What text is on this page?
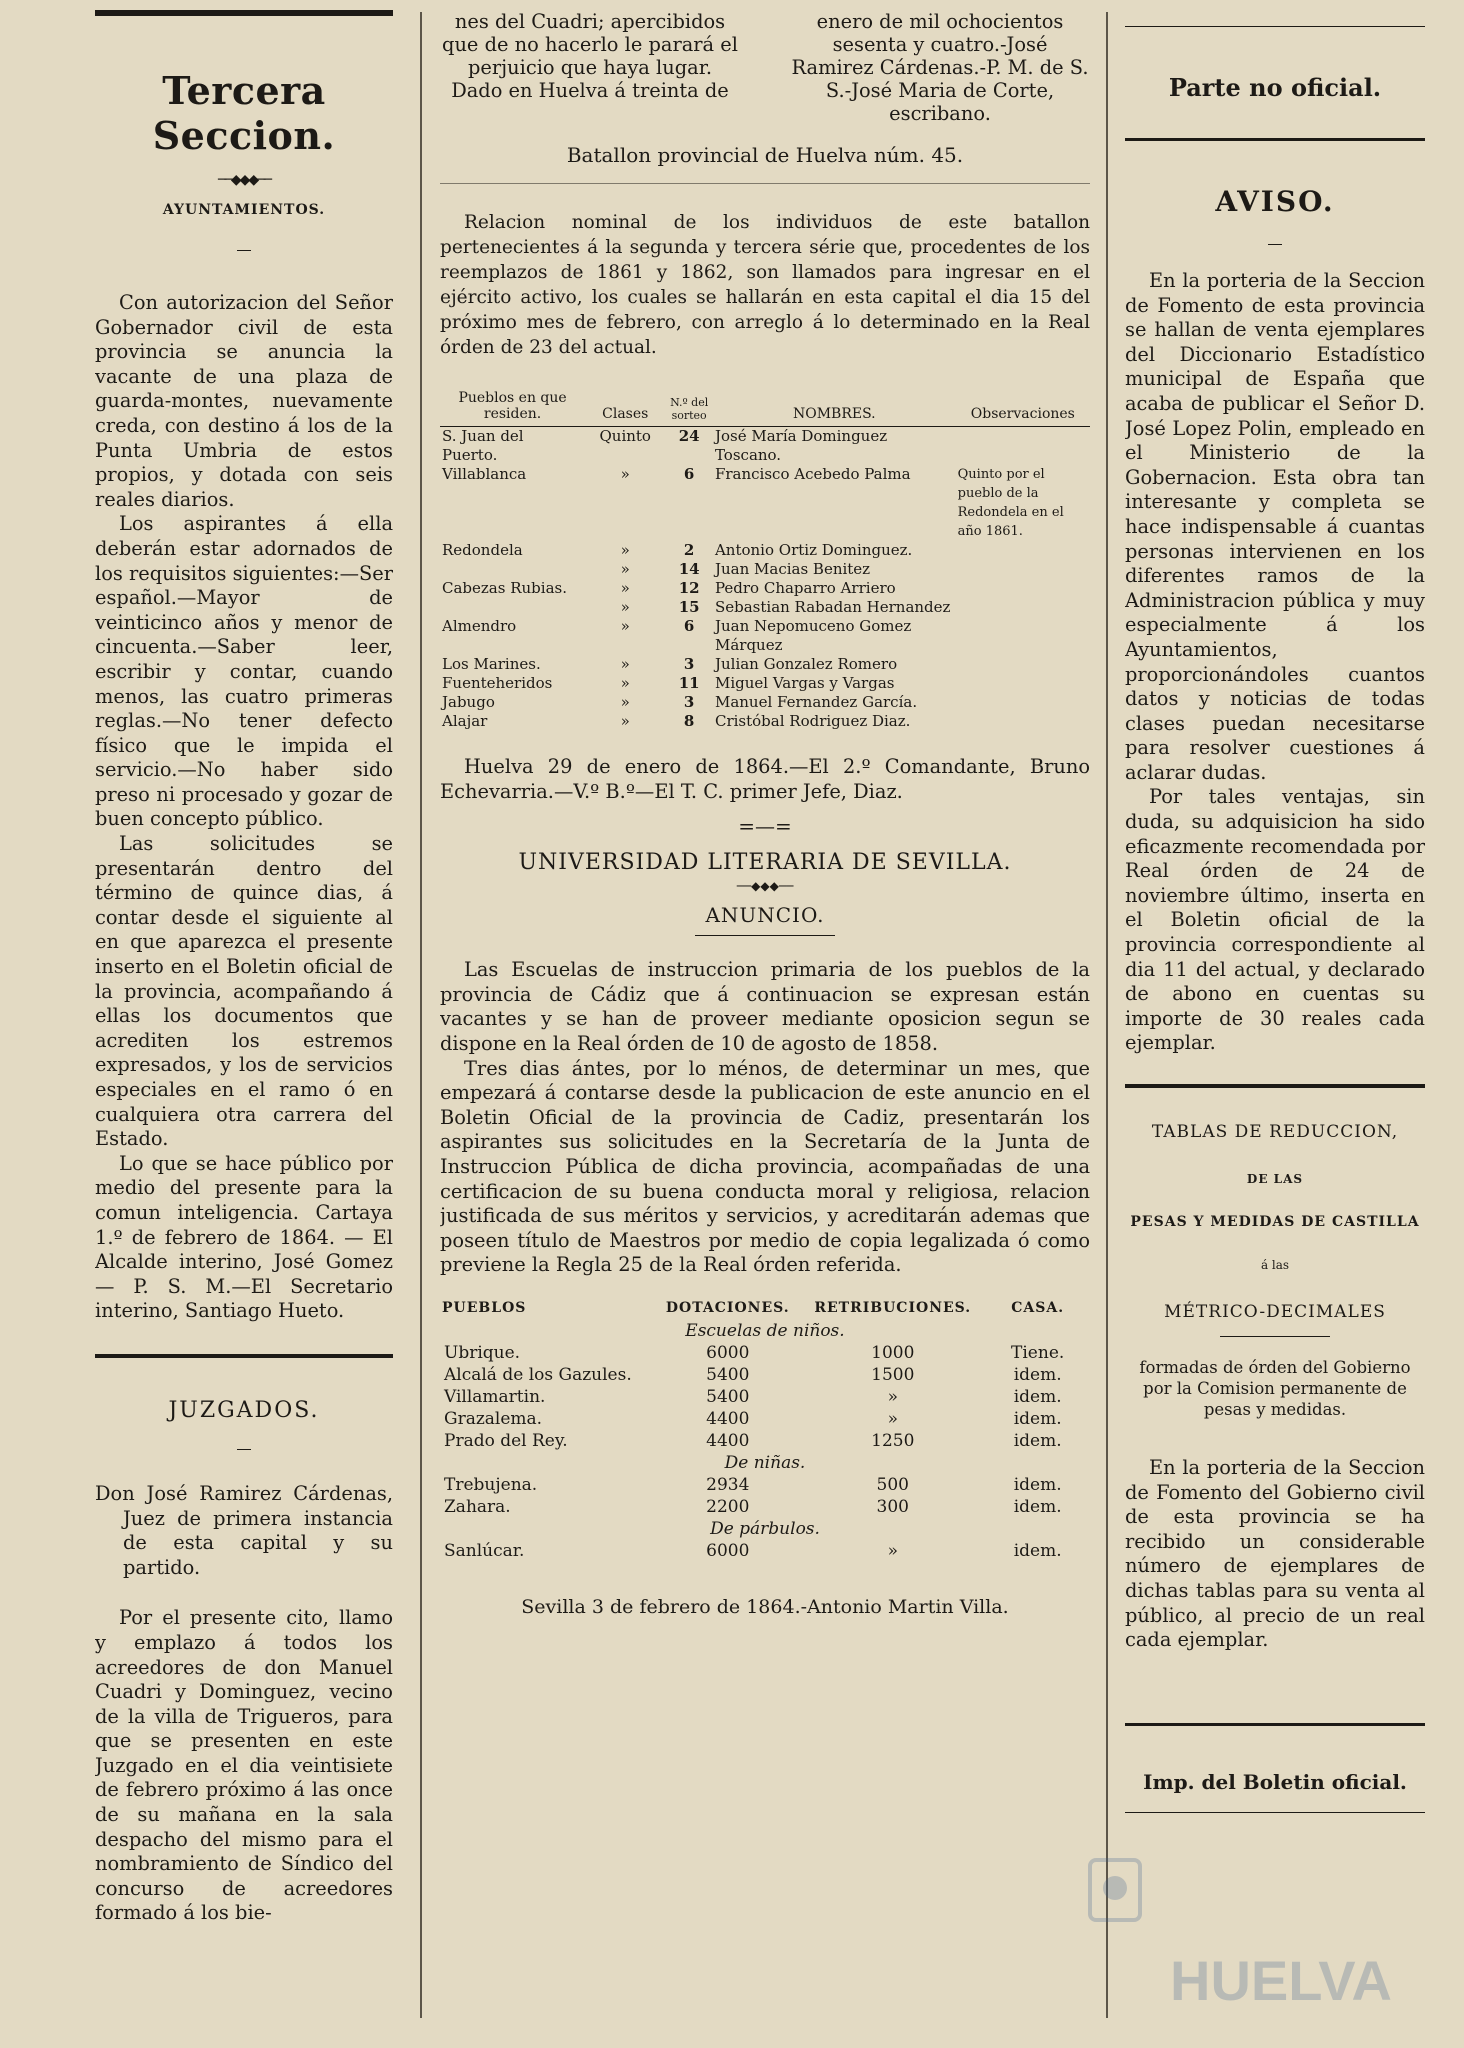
Tercera Seccion.
──◆◆◆──
AYUNTAMIENTOS.

Con autorizacion del Señor Gobernador civil de esta provincia se anuncia la vacante de una plaza de guarda-montes, nuevamente creda, con destino á los de la Punta Umbria de estos propios, y dotada con seis reales diarios.

Los aspirantes á ella deberán estar adornados de los requisitos siguientes:—Ser español.—Mayor de veinticinco años y menor de cincuenta.—Saber leer, escribir y contar, cuando menos, las cuatro primeras reglas.—No tener defecto físico que le impida el servicio.—No haber sido preso ni procesado y gozar de buen concepto público.

Las solicitudes se presentarán dentro del término de quince dias, á contar desde el siguiente al en que aparezca el presente inserto en el Boletin oficial de la provincia, acompañando á ellas los documentos que acrediten los estremos expresados, y los de servicios especiales en el ramo ó en cualquiera otra carrera del Estado.

Lo que se hace público por medio del presente para la comun inteligencia. Cartaya 1.º de febrero de 1864. — El Alcalde interino, José Gomez — P. S. M.—El Secretario interino, Santiago Hueto.

JUZGADOS.

Don José Ramirez Cárdenas, Juez de primera instancia de esta capital y su partido.

Por el presente cito, llamo y emplazo á todos los acreedores de don Manuel Cuadri y Dominguez, vecino de la villa de Trigueros, para que se presenten en este Juzgado en el dia veintisiete de febrero próximo á las once de su mañana en la sala despacho del mismo para el nombramiento de Síndico del concurso de acreedores formado á los bie-

nes del Cuadri; apercibidos que de no hacerlo le parará el perjuicio que haya lugar. Dado en Huelva á treinta de

enero de mil ochocientos sesenta y cuatro.-José Ramirez Cárdenas.-P. M. de S. S.-José Maria de Corte, escribano.

Batallon provincial de Huelva núm. 45.

Relacion nominal de los individuos de este batallon pertenecientes á la segunda y tercera série que, procedentes de los reemplazos de 1861 y 1862, son llamados para ingresar en el ejército activo, los cuales se hallarán en esta capital el dia 15 del próximo mes de febrero, con arreglo á lo determinado en la Real órden de 23 del actual.

Pueblos en que residen.	Clases	N.º del sorteo	NOMBRES.	Observaciones
S. Juan del Puerto.	Quinto	24	José María Dominguez Toscano.	
Villablanca	»	6	Francisco Acebedo Palma	Quinto por el pueblo de la Redondela en el año 1861.
Redondela	»	2	Antonio Ortiz Dominguez.	
	»	14	Juan Macias Benitez	
Cabezas Rubias.	»	12	Pedro Chaparro Arriero	
	»	15	Sebastian Rabadan Hernandez	
Almendro	»	6	Juan Nepomuceno Gomez Márquez	
Los Marines.	»	3	Julian Gonzalez Romero	
Fuenteheridos	»	11	Miguel Vargas y Vargas	
Jabugo	»	3	Manuel Fernandez García.	
Alajar	»	8	Cristóbal Rodriguez Diaz.	

Huelva 29 de enero de 1864.—El 2.º Comandante, Bruno Echevarria.—V.º B.º—El T. C. primer Jefe, Diaz.

=—=
UNIVERSIDAD LITERARIA DE SEVILLA.
──◆◆◆──
ANUNCIO.

Las Escuelas de instruccion primaria de los pueblos de la provincia de Cádiz que á continuacion se expresan están vacantes y se han de proveer mediante oposicion segun se dispone en la Real órden de 10 de agosto de 1858.

Tres dias ántes, por lo ménos, de determinar un mes, que empezará á contarse desde la publicacion de este anuncio en el Boletin Oficial de la provincia de Cadiz, presentarán los aspirantes sus solicitudes en la Secretaría de la Junta de Instruccion Pública de dicha provincia, acompañadas de una certificacion de su buena conducta moral y religiosa, relacion justificada de sus méritos y servicios, y acreditarán ademas que poseen título de Maestros por medio de copia legalizada ó como previene la Regla 25 de la Real órden referida.

PUEBLOS	DOTACIONES.	RETRIBUCIONES.	CASA.
Escuelas de niños.			
Ubrique.	6000	1000	Tiene.
Alcalá de los Gazules.	5400	1500	idem.
Villamartin.	5400	»	idem.
Grazalema.	4400	»	idem.
Prado del Rey.	4400	1250	idem.
De niñas.			
Trebujena.	2934	500	idem.
Zahara.	2200	300	idem.
De párbulos.			
Sanlúcar.	6000	»	idem.
Sevilla 3 de febrero de 1864.-Antonio Martin Villa.
Parte no oficial.
AVISO.

En la porteria de la Seccion de Fomento de esta provincia se hallan de venta ejemplares del Diccionario Estadístico municipal de España que acaba de publicar el Señor D. José Lopez Polin, empleado en el Ministerio de la Gobernacion. Esta obra tan interesante y completa se hace indispensable á cuantas personas intervienen en los diferentes ramos de la Administracion pública y muy especialmente á los Ayuntamientos, proporcionándoles cuantos datos y noticias de todas clases puedan necesitarse para resolver cuestiones á aclarar dudas.

Por tales ventajas, sin duda, su adquisicion ha sido eficazmente recomendada por Real órden de 24 de noviembre último, inserta en el Boletin oficial de la provincia correspondiente al dia 11 del actual, y declarado de abono en cuentas su importe de 30 reales cada ejemplar.

TABLAS DE REDUCCION,
DE LAS
PESAS Y MEDIDAS DE CASTILLA
á las
MÉTRICO-DECIMALES

formadas de órden del Gobierno por la Comision permanente de pesas y medidas.

En la porteria de la Seccion de Fomento del Gobierno civil de esta provincia se ha recibido un considerable número de ejemplares de dichas tablas para su venta al público, al precio de un real cada ejemplar.

Imp. del Boletin oficial.
HUELVA
